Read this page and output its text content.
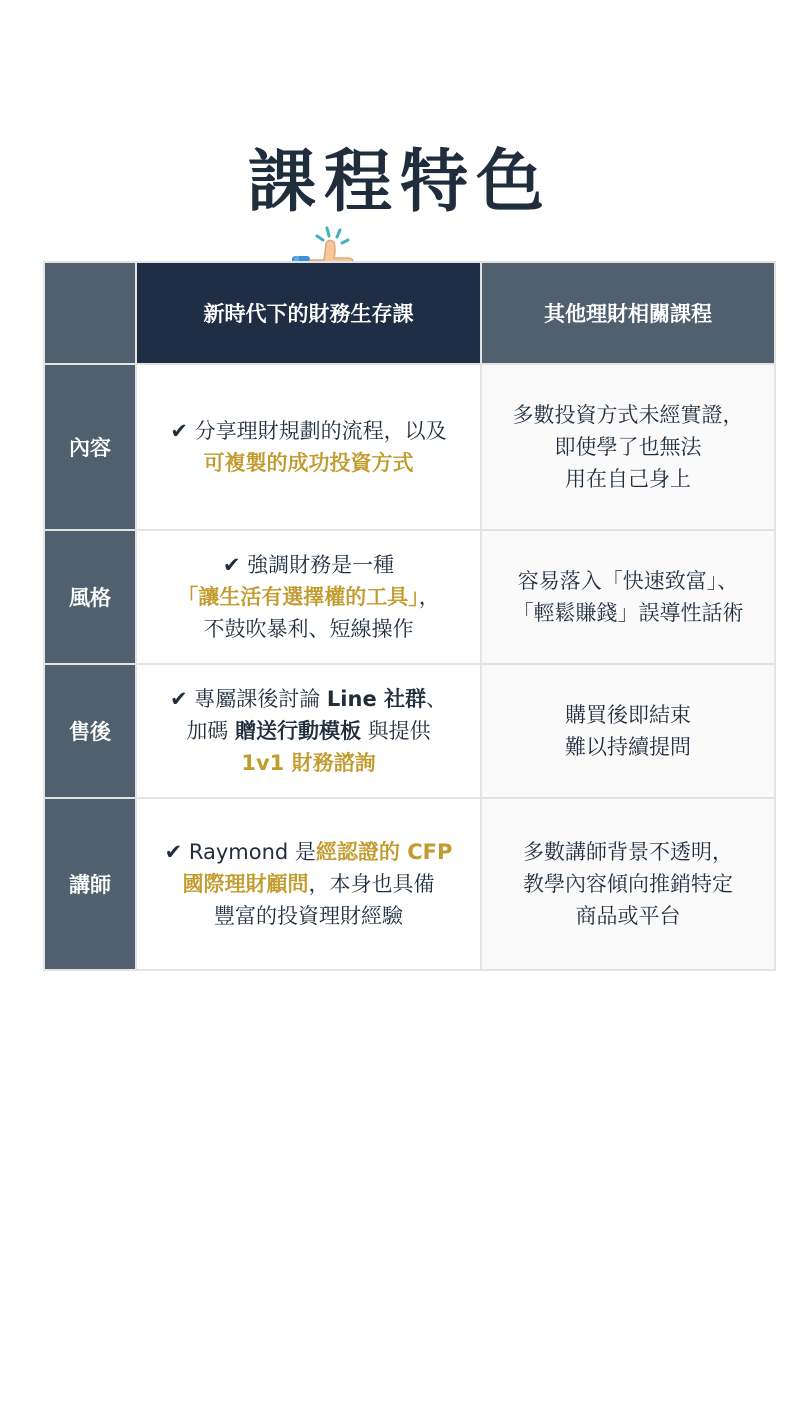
課程特色
	新時代下的財務生存課	其他理財相關課程
內容	✔ 分享理財規劃的流程，以及
可複製的成功投資方式	多數投資方式未經實證，
即使學了也無法
用在自己身上

風格	✔ 強調財務是一種
「讓生活有選擇權的工具」，
不鼓吹暴利、短線操作	容易落入「快速致富」、
「輕鬆賺錢」誤導性話術

售後	✔ 專屬課後討論 Line 社群、
加碼 贈送行動模板 與提供
1v1 財務諮詢	購買後即結束
難以持續提問

講師	✔ Raymond 是經認證的 CFP
國際理財顧問，本身也具備
豐富的投資理財經驗	多數講師背景不透明，
教學內容傾向推銷特定
商品或平台
